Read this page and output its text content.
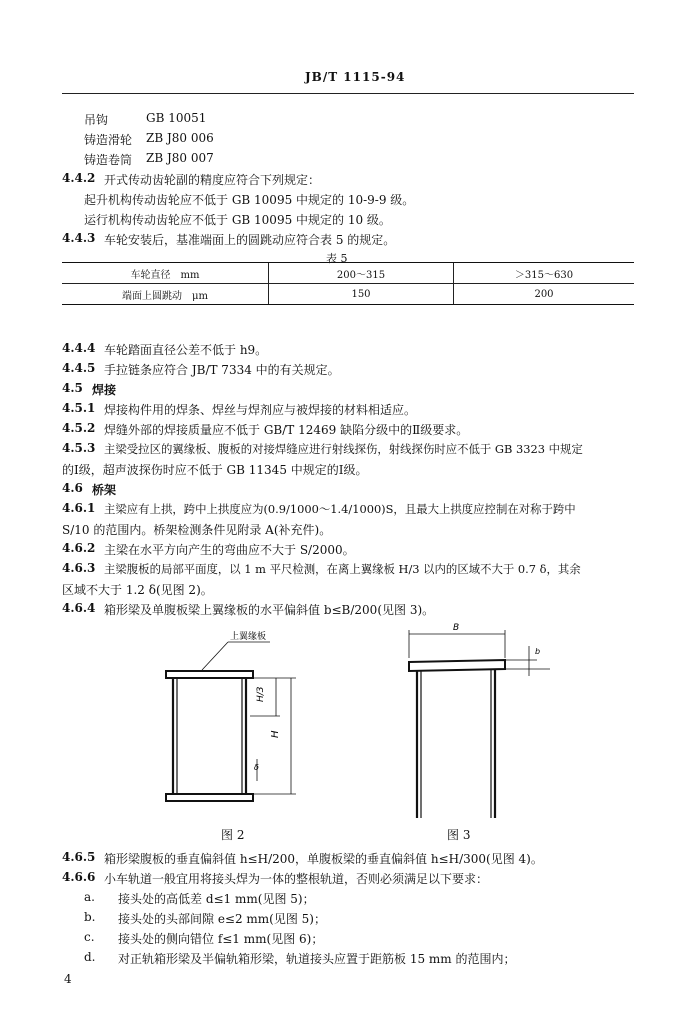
JB/T 1115-94
吊钩	GB 10051
铸造滑轮 ZB J80 006
铸造卷筒 ZB J80 007
4.4.2 开式传动齿轮副的精度应符合下列规定：
起升机构传动齿轮应不低于 GB 10095 中规定的 10-9-9 级。
运行机构传动齿轮应不低于 GB 10095 中规定的 10 级。
4.4.3 车轮安装后，基准端面上的圆跳动应符合表 5 的规定。
表 5
车轮直径　mm	200～315	＞315～630
端面上圆跳动　μm	150	200
4.4.4 车轮踏面直径公差不低于 h9。
4.4.5 手拉链条应符合 JB/T 7334 中的有关规定。
4.5 焊接
4.5.1 焊接构件用的焊条、焊丝与焊剂应与被焊接的材料相适应。
4.5.2 焊缝外部的焊接质量应不低于 GB/T 12469 缺陷分级中的Ⅱ级要求。
4.5.3 主梁受拉区的翼缘板、腹板的对接焊缝应进行射线探伤，射线探伤时应不低于 GB 3323 中规定
的Ⅰ级，超声波探伤时应不低于 GB 11345 中规定的Ⅰ级。
4.6 桥架
4.6.1 主梁应有上拱，跨中上拱度应为(0.9/1000～1.4/1000)S，且最大上拱度应控制在对称于跨中
S/10 的范围内。桥架检测条件见附录 A(补充件)。
4.6.2 主梁在水平方向产生的弯曲应不大于 S/2000。
4.6.3 主梁腹板的局部平面度，以 1 m 平尺检测，在离上翼缘板 H/3 以内的区域不大于 0.7 δ，其余
区域不大于 1.2 δ(见图 2)。
4.6.4 箱形梁及单腹板梁上翼缘板的水平偏斜值 b≤B/200(见图 3)。
上翼缘板
H/3
H
δ
图 2
B
b
图 3
4.6.5 箱形梁腹板的垂直偏斜值 h≤H/200，单腹板梁的垂直偏斜值 h≤H/300(见图 4)。
4.6.6 小车轨道一般宜用将接头焊为一体的整根轨道，否则必须满足以下要求：
a. 接头处的高低差 d≤1 mm(见图 5)；
b. 接头处的头部间隙 e≤2 mm(见图 5)；
c. 接头处的侧向错位 f≤1 mm(见图 6)；
d. 对正轨箱形梁及半偏轨箱形梁，轨道接头应置于距筋板 15 mm 的范围内；
4
